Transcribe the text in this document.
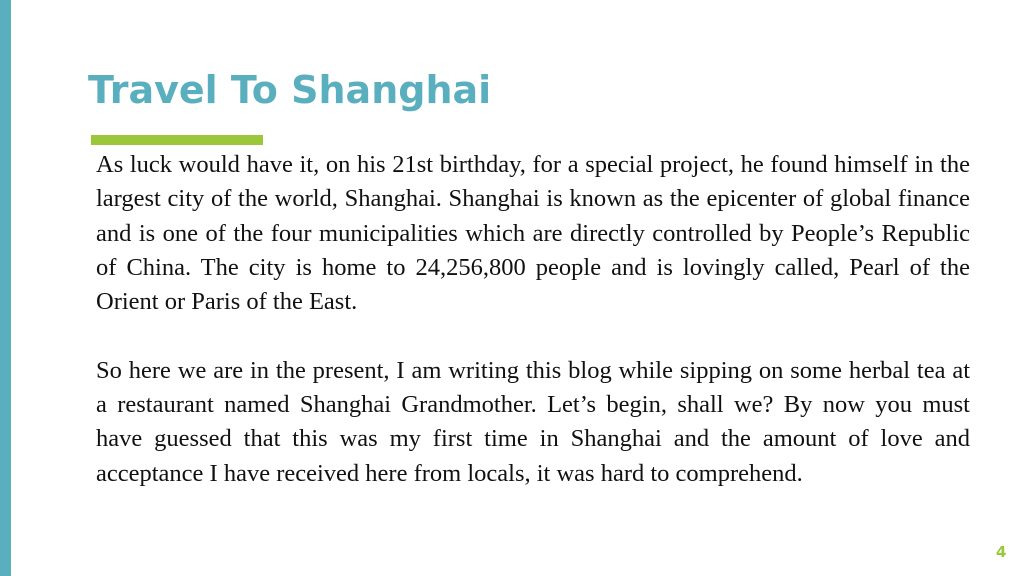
Travel To Shanghai

As luck would have it, on his 21st birthday, for a special project, he found himself in the largest city of the world, Shanghai. Shanghai is known as the epicenter of global finance and is one of the four municipalities which are directly controlled by People’s Republic of China. The city is home to 24,256,800 people and is lovingly called, Pearl of the Orient or Paris of the East.

So here we are in the present, I am writing this blog while sipping on some herbal tea at a restaurant named Shanghai Grandmother. Let’s begin, shall we? By now you must have guessed that this was my first time in Shanghai and the amount of love and acceptance I have received here from locals, it was hard to comprehend.

4
